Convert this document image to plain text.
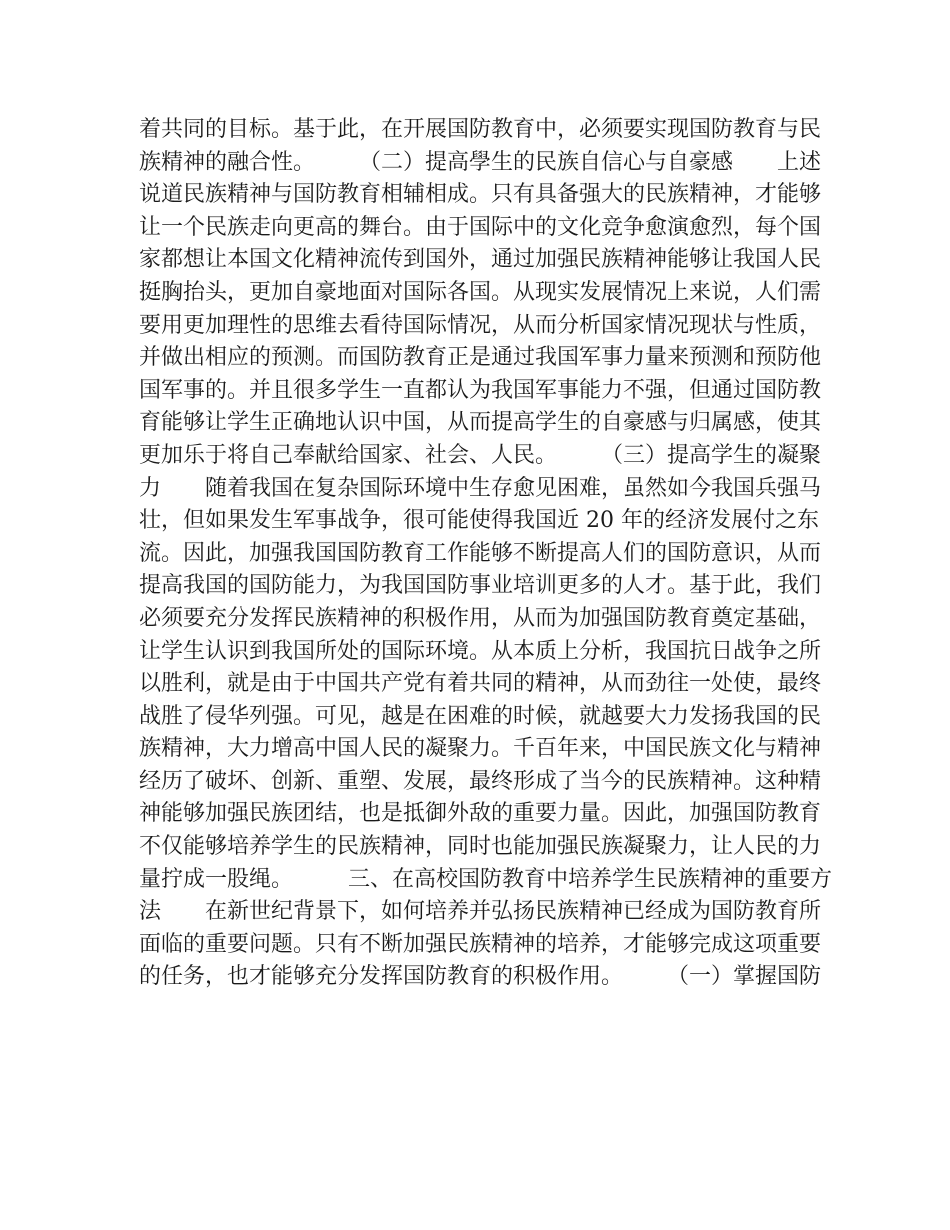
着共同的目标。基于此，在开展国防教育中，必须要实现国防教育与民
族精神的融合性。　　　（二）提高學生的民族自信心与自豪感　　上述
说道民族精神与国防教育相辅相成。只有具备强大的民族精神，才能够
让一个民族走向更高的舞台。由于国际中的文化竞争愈演愈烈，每个国
家都想让本国文化精神流传到国外，通过加强民族精神能够让我国人民
挺胸抬头，更加自豪地面对国际各国。从现实发展情况上来说，人们需
要用更加理性的思维去看待国际情况，从而分析国家情况现状与性质，
并做出相应的预测。而国防教育正是通过我国军事力量来预测和预防他
国军事的。并且很多学生一直都认为我国军事能力不强，但通过国防教
育能够让学生正确地认识中国，从而提高学生的自豪感与归属感，使其
更加乐于将自己奉献给国家、社会、人民。　　　（三）提高学生的凝聚
力　　随着我国在复杂国际环境中生存愈见困难，虽然如今我国兵强马
壮，但如果发生军事战争，很可能使得我国近 20 年的经济发展付之东
流。因此，加强我国国防教育工作能够不断提高人们的国防意识，从而
提高我国的国防能力，为我国国防事业培训更多的人才。基于此，我们
必须要充分发挥民族精神的积极作用，从而为加强国防教育奠定基础，
让学生认识到我国所处的国际环境。从本质上分析，我国抗日战争之所
以胜利，就是由于中国共产党有着共同的精神，从而劲往一处使，最终
战胜了侵华列强。可见，越是在困难的时候，就越要大力发扬我国的民
族精神，大力增高中国人民的凝聚力。千百年来，中国民族文化与精神
经历了破坏、创新、重塑、发展，最终形成了当今的民族精神。这种精
神能够加强民族团结，也是抵御外敌的重要力量。因此，加强国防教育
不仅能够培养学生的民族精神，同时也能加强民族凝聚力，让人民的力
量拧成一股绳。　　　三、在高校国防教育中培养学生民族精神的重要方
法　　在新世纪背景下，如何培养并弘扬民族精神已经成为国防教育所
面临的重要问题。只有不断加强民族精神的培养，才能够完成这项重要
的任务，也才能够充分发挥国防教育的积极作用。　　　（一）掌握国防
